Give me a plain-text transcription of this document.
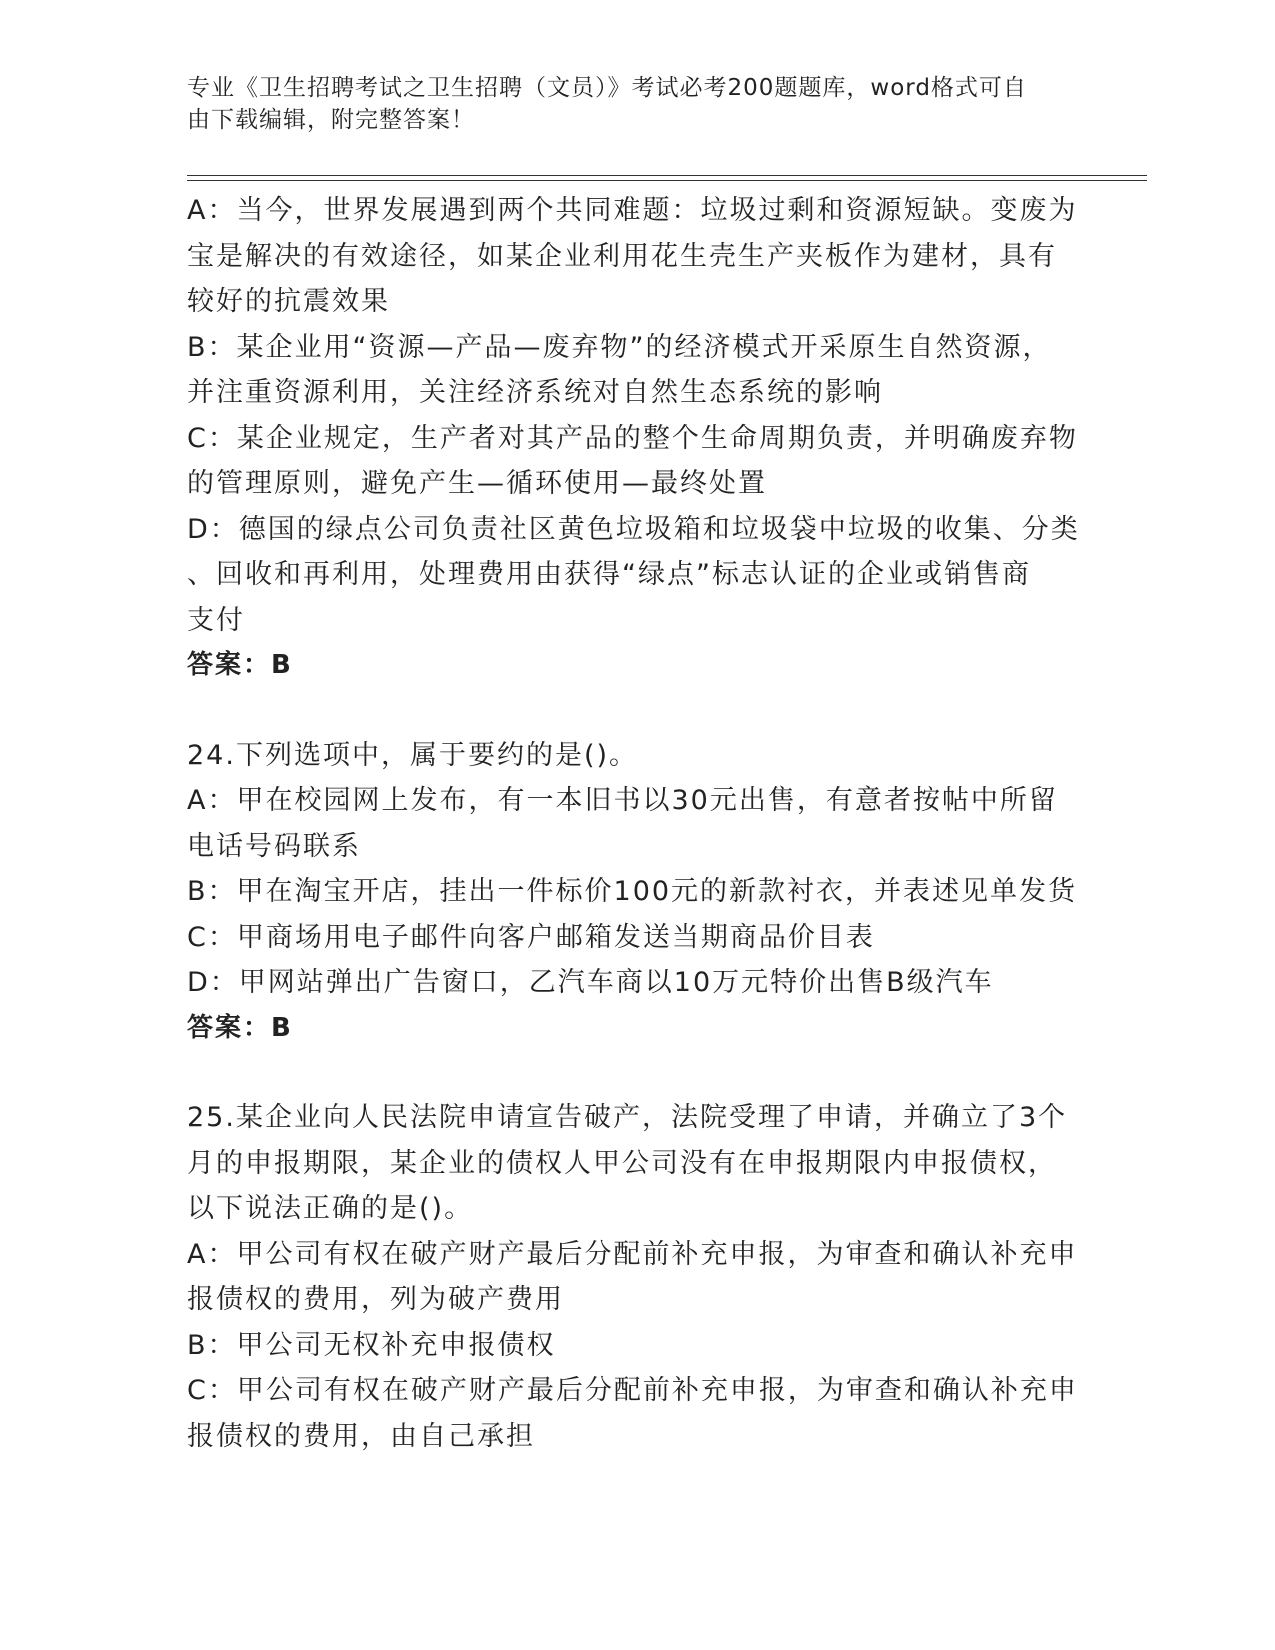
专业《卫生招聘考试之卫生招聘（文员）》考试必考200题题库，word格式可自
由下载编辑，附完整答案！
A：当今，世界发展遇到两个共同难题：垃圾过剩和资源短缺。变废为
宝是解决的有效途径，如某企业利用花生壳生产夹板作为建材，具有
较好的抗震效果
B：某企业用“资源—产品—废弃物”的经济模式开采原生自然资源，
并注重资源利用，关注经济系统对自然生态系统的影响
C：某企业规定，生产者对其产品的整个生命周期负责，并明确废弃物
的管理原则，避免产生—循环使用—最终处置
D：德国的绿点公司负责社区黄色垃圾箱和垃圾袋中垃圾的收集、分类
、回收和再利用，处理费用由获得“绿点”标志认证的企业或销售商
支付
答案：B
24.下列选项中，属于要约的是()。
A：甲在校园网上发布，有一本旧书以30元出售，有意者按帖中所留
电话号码联系
B：甲在淘宝开店，挂出一件标价100元的新款衬衣，并表述见单发货
C：甲商场用电子邮件向客户邮箱发送当期商品价目表
D：甲网站弹出广告窗口，乙汽车商以10万元特价出售B级汽车
答案：B
25.某企业向人民法院申请宣告破产，法院受理了申请，并确立了3个
月的申报期限，某企业的债权人甲公司没有在申报期限内申报债权，
以下说法正确的是()。
A：甲公司有权在破产财产最后分配前补充申报，为审查和确认补充申
报债权的费用，列为破产费用
B：甲公司无权补充申报债权
C：甲公司有权在破产财产最后分配前补充申报，为审查和确认补充申
报债权的费用，由自己承担
